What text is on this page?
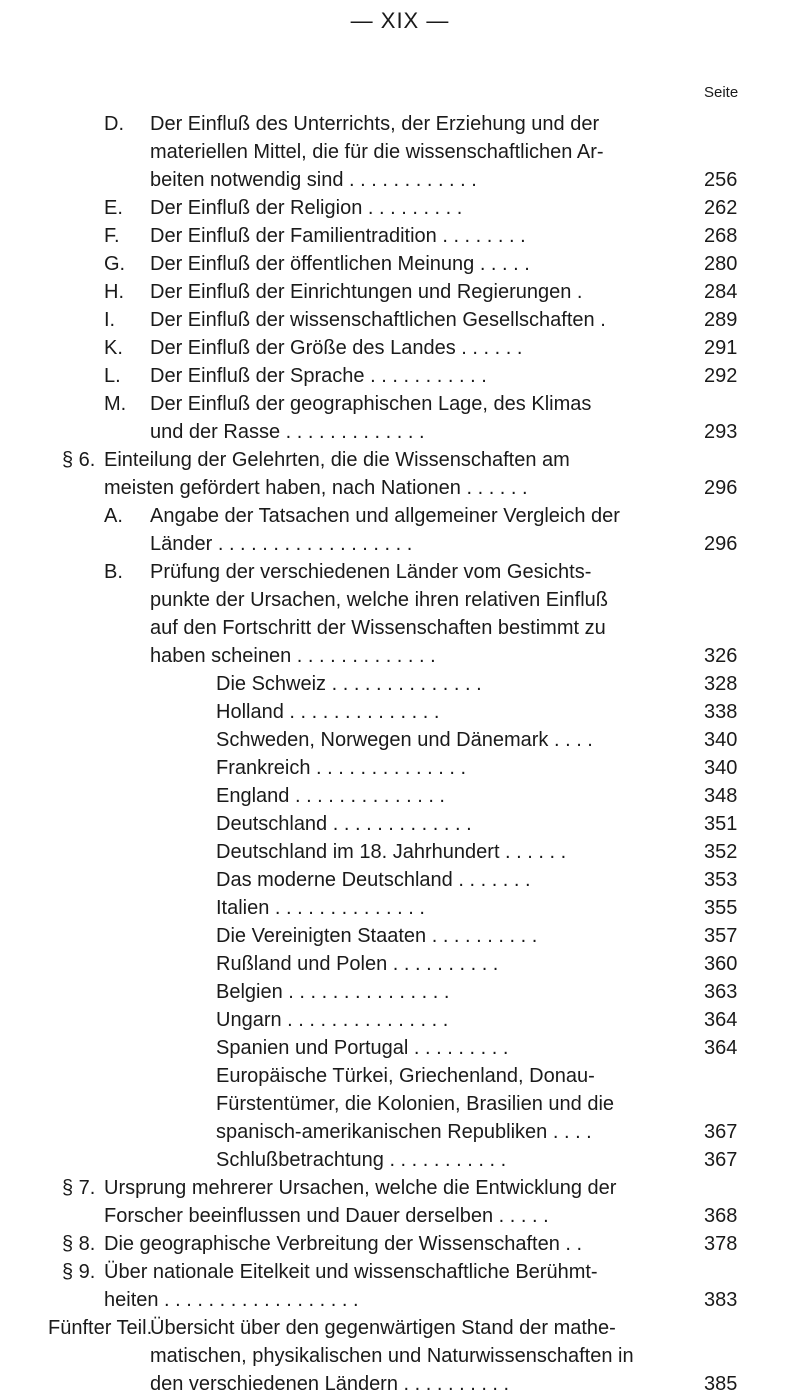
— XIX —
Seite
D. Der Einfluß des Unterrichts, der Erziehung und der
materiellen Mittel, die für die wissenschaftlichen Ar-
beiten notwendig sind . . . . . . . . . . . .	256
E. Der Einfluß der Religion . . . . . . . . .	262
F. Der Einfluß der Familientradition . . . . . . . .	268
G. Der Einfluß der öffentlichen Meinung . . . . .	280
H. Der Einfluß der Einrichtungen und Regierungen .	284
I. Der Einfluß der wissenschaftlichen Gesellschaften .	289
K. Der Einfluß der Größe des Landes . . . . . .	291
L. Der Einfluß der Sprache . . . . . . . . . . .	292
M. Der Einfluß der geographischen Lage, des Klimas
und der Rasse . . . . . . . . . . . . .	293
§ 6. Einteilung der Gelehrten, die die Wissenschaften am
meisten gefördert haben, nach Nationen . . . . . .	296
A. Angabe der Tatsachen und allgemeiner Vergleich der
Länder . . . . . . . . . . . . . . . . . .	296
B. Prüfung der verschiedenen Länder vom Gesichts-
punkte der Ursachen, welche ihren relativen Einfluß
auf den Fortschritt der Wissenschaften bestimmt zu
haben scheinen . . . . . . . . . . . . .	326
Die Schweiz . . . . . . . . . . . . . .	328
Holland . . . . . . . . . . . . . .	338
Schweden, Norwegen und Dänemark . . . .	340
Frankreich . . . . . . . . . . . . . .	340
England . . . . . . . . . . . . . .	348
Deutschland . . . . . . . . . . . . .	351
Deutschland im 18. Jahrhundert . . . . . .	352
Das moderne Deutschland . . . . . . .	353
Italien . . . . . . . . . . . . . .	355
Die Vereinigten Staaten . . . . . . . . . .	357
Rußland und Polen . . . . . . . . . .	360
Belgien . . . . . . . . . . . . . . .	363
Ungarn . . . . . . . . . . . . . . .	364
Spanien und Portugal . . . . . . . . .	364
Europäische Türkei, Griechenland, Donau-
Fürstentümer, die Kolonien, Brasilien und die
spanisch-amerikanischen Republiken . . . .	367
Schlußbetrachtung . . . . . . . . . . .	367
§ 7. Ursprung mehrerer Ursachen, welche die Entwicklung der
Forscher beeinflussen und Dauer derselben . . . . .	368
§ 8. Die geographische Verbreitung der Wissenschaften . .	378
§ 9. Über nationale Eitelkeit und wissenschaftliche Berühmt-
heiten . . . . . . . . . . . . . . . . . .	383
Fünfter Teil.
Übersicht über den gegenwärtigen Stand der mathe-
matischen, physikalischen und Naturwissenschaften in
den verschiedenen Ländern . . . . . . . . . .	385
